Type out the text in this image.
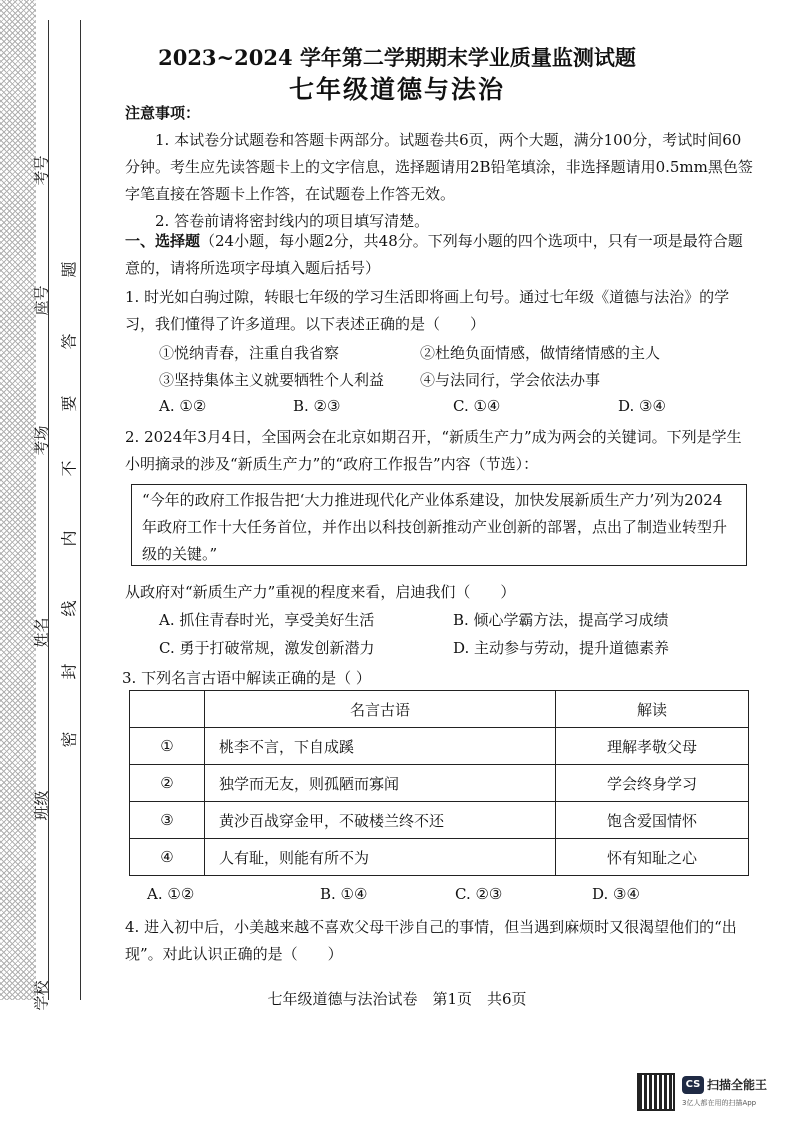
考号
座号
考场
姓名
班级
学校
题
答
要
不
内
线
封
密
2023~2024 学年第二学期期末学业质量监测试题
七年级道德与法治
注意事项：
1. 本试卷分试题卷和答题卡两部分。试题卷共6页，两个大题，满分100分，考试时间60分钟。考生应先读答题卡上的文字信息，选择题请用2B铅笔填涂，非选择题请用0.5mm黑色签字笔直接在答题卡上作答，在试题卷上作答无效。
2. 答卷前请将密封线内的项目填写清楚。
一、选择题（24小题，每小题2分，共48分。下列每小题的四个选项中，只有一项是最符合题意的，请将所选项字母填入题后括号）
1. 时光如白驹过隙，转眼七年级的学习生活即将画上句号。通过七年级《道德与法治》的学习，我们懂得了许多道理。以下表述正确的是（　　）
①悦纳青春，注重自我省察	②杜绝负面情感，做情绪情感的主人
③坚持集体主义就要牺牲个人利益 ④与法同行，学会依法办事
A. ①②	B. ②③	C. ①④	D. ③④
2. 2024年3月4日，全国两会在北京如期召开，“新质生产力”成为两会的关键词。下列是学生小明摘录的涉及“新质生产力”的“政府工作报告”内容（节选）：
“今年的政府工作报告把‘大力推进现代化产业体系建设，加快发展新质生产力’列为2024年政府工作十大任务首位，并作出以科技创新推动产业创新的部署，点出了制造业转型升级的关键。”
从政府对“新质生产力”重视的程度来看，启迪我们（　　）
A. 抓住青春时光，享受美好生活	B. 倾心学霸方法，提高学习成绩
C. 勇于打破常规，激发创新潜力	D. 主动参与劳动，提升道德素养
3. 下列名言古语中解读正确的是（ ）
	名言古语	解读
①	桃李不言，下自成蹊	理解孝敬父母
②	独学而无友，则孤陋而寡闻	学会终身学习
③	黄沙百战穿金甲，不破楼兰终不还	饱含爱国情怀
④	人有耻，则能有所不为	怀有知耻之心
A. ①②	B. ①④	C. ②③	D. ③④
4. 进入初中后，小美越来越不喜欢父母干涉自己的事情，但当遇到麻烦时又很渴望他们的“出现”。对此认识正确的是（　　）
七年级道德与法治试卷　第1页　共6页
CS 扫描全能王
3亿人都在用的扫描App
